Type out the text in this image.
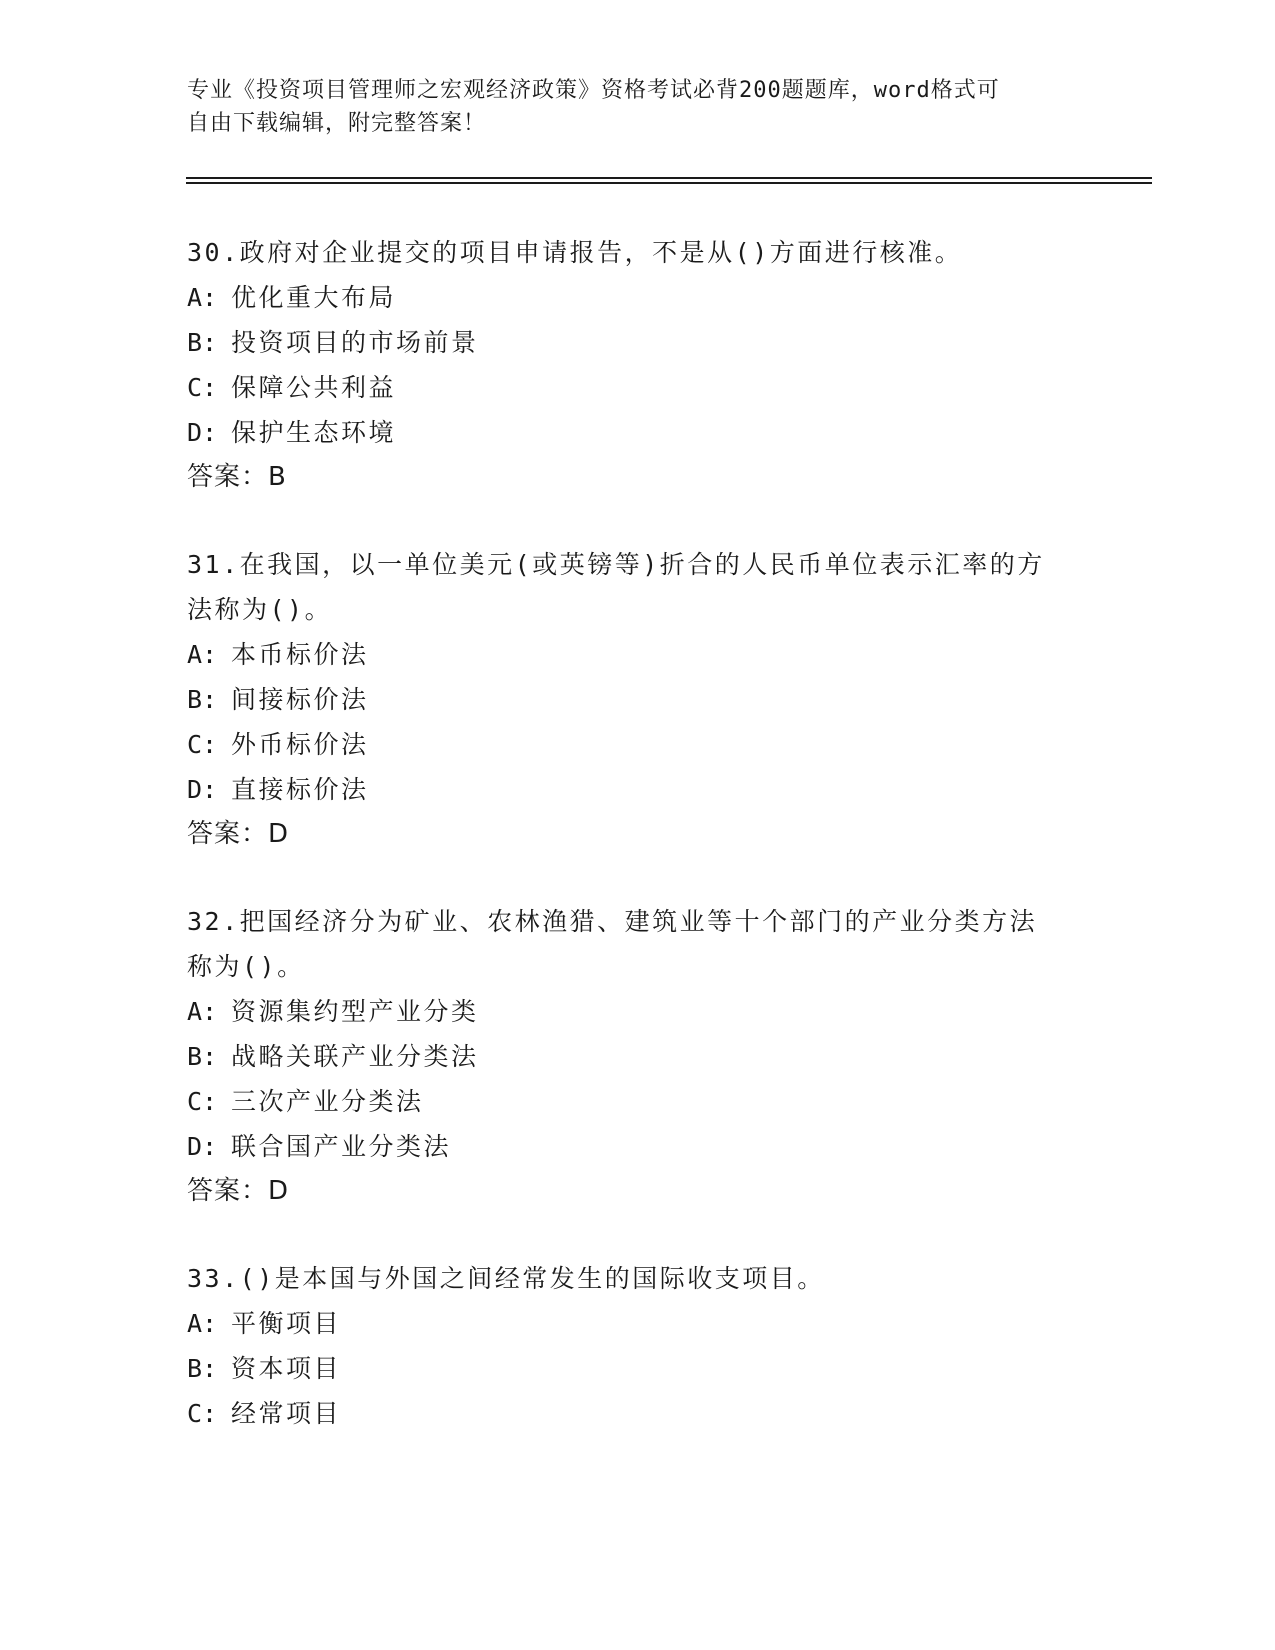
专业《投资项目管理师之宏观经济政策》资格考试必背200题题库，word格式可
自由下载编辑，附完整答案！
30.政府对企业提交的项目申请报告，不是从()方面进行核准。
A: 优化重大布局
B: 投资项目的市场前景
C: 保障公共利益
D: 保护生态环境
答案：B
31.在我国，以一单位美元(或英镑等)折合的人民币单位表示汇率的方
法称为()。
A: 本币标价法
B: 间接标价法
C: 外币标价法
D: 直接标价法
答案：D
32.把国经济分为矿业、农林渔猎、建筑业等十个部门的产业分类方法
称为()。
A: 资源集约型产业分类
B: 战略关联产业分类法
C: 三次产业分类法
D: 联合国产业分类法
答案：D
33.()是本国与外国之间经常发生的国际收支项目。
A: 平衡项目
B: 资本项目
C: 经常项目
